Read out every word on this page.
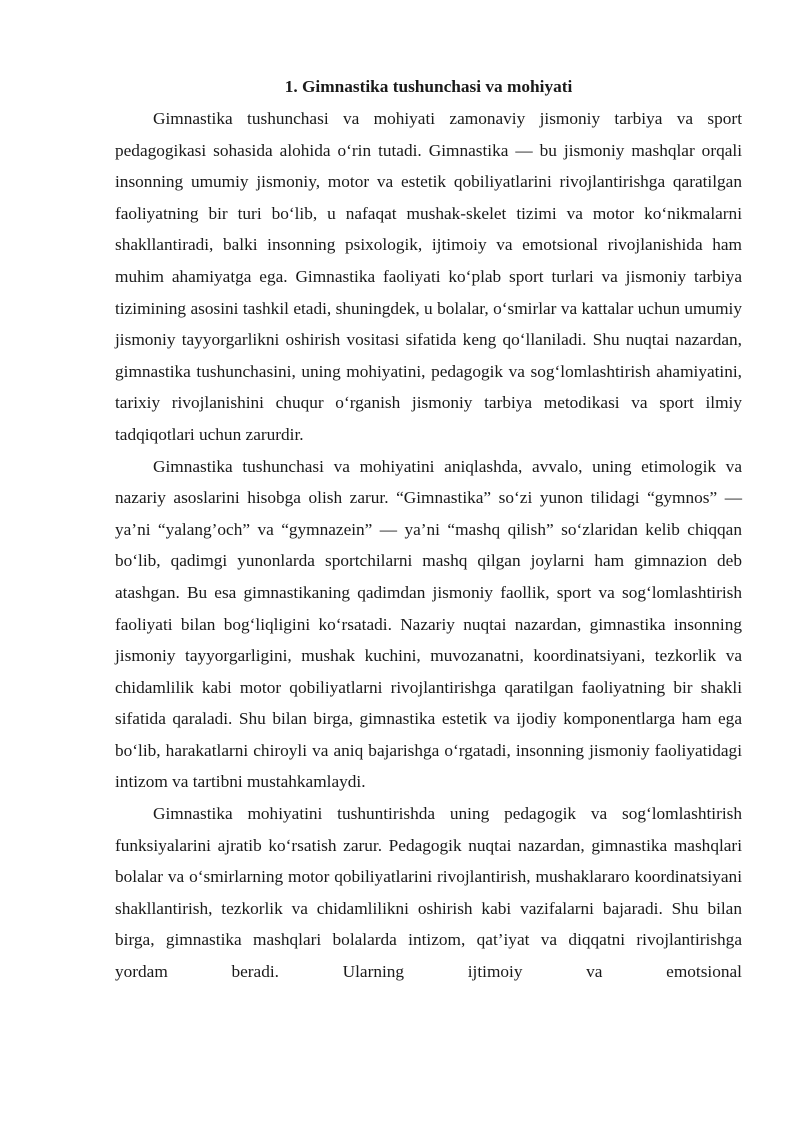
1. Gimnastika tushunchasi va mohiyati

Gimnastika tushunchasi va mohiyati zamonaviy jismoniy tarbiya va sport pedagogikasi sohasida alohida o‘rin tutadi. Gimnastika — bu jismoniy mashqlar orqali insonning umumiy jismoniy, motor va estetik qobiliyatlarini rivojlantirishga qaratilgan faoliyatning bir turi bo‘lib, u nafaqat mushak-skelet tizimi va motor ko‘nikmalarni shakllantiradi, balki insonning psixologik, ijtimoiy va emotsional rivojlanishida ham muhim ahamiyatga ega. Gimnastika faoliyati ko‘plab sport turlari va jismoniy tarbiya tizimining asosini tashkil etadi, shuningdek, u bolalar, o‘smirlar va kattalar uchun umumiy jismoniy tayyorgarlikni oshirish vositasi sifatida keng qo‘llaniladi. Shu nuqtai nazardan, gimnastika tushunchasini, uning mohiyatini, pedagogik va sog‘lomlashtirish ahamiyatini, tarixiy rivojlanishini chuqur o‘rganish jismoniy tarbiya metodikasi va sport ilmiy tadqiqotlari uchun zarurdir.

Gimnastika tushunchasi va mohiyatini aniqlashda, avvalo, uning etimologik va nazariy asoslarini hisobga olish zarur. “Gimnastika” so‘zi yunon tilidagi “gymnos” — ya’ni “yalang’och” va “gymnazein” — ya’ni “mashq qilish” so‘zlaridan kelib chiqqan bo‘lib, qadimgi yunonlarda sportchilarni mashq qilgan joylarni ham gimnazion deb atashgan. Bu esa gimnastikaning qadimdan jismoniy faollik, sport va sog‘lomlashtirish faoliyati bilan bog‘liqligini ko‘rsatadi. Nazariy nuqtai nazardan, gimnastika insonning jismoniy tayyorgarligini, mushak kuchini, muvozanatni, koordinatsiyani, tezkorlik va chidamlilik kabi motor qobiliyatlarni rivojlantirishga qaratilgan faoliyatning bir shakli sifatida qaraladi. Shu bilan birga, gimnastika estetik va ijodiy komponentlarga ham ega bo‘lib, harakatlarni chiroyli va aniq bajarishga o‘rgatadi, insonning jismoniy faoliyatidagi intizom va tartibni mustahkamlaydi.

Gimnastika mohiyatini tushuntirishda uning pedagogik va sog‘lomlashtirish funksiyalarini ajratib ko‘rsatish zarur. Pedagogik nuqtai nazardan, gimnastika mashqlari bolalar va o‘smirlarning motor qobiliyatlarini rivojlantirish, mushaklararo koordinatsiyani shakllantirish, tezkorlik va chidamlilikni oshirish kabi vazifalarni bajaradi. Shu bilan birga, gimnastika mashqlari bolalarda intizom, qat’iyat va diqqatni rivojlantirishga yordam beradi. Ularning ijtimoiy va emotsional
